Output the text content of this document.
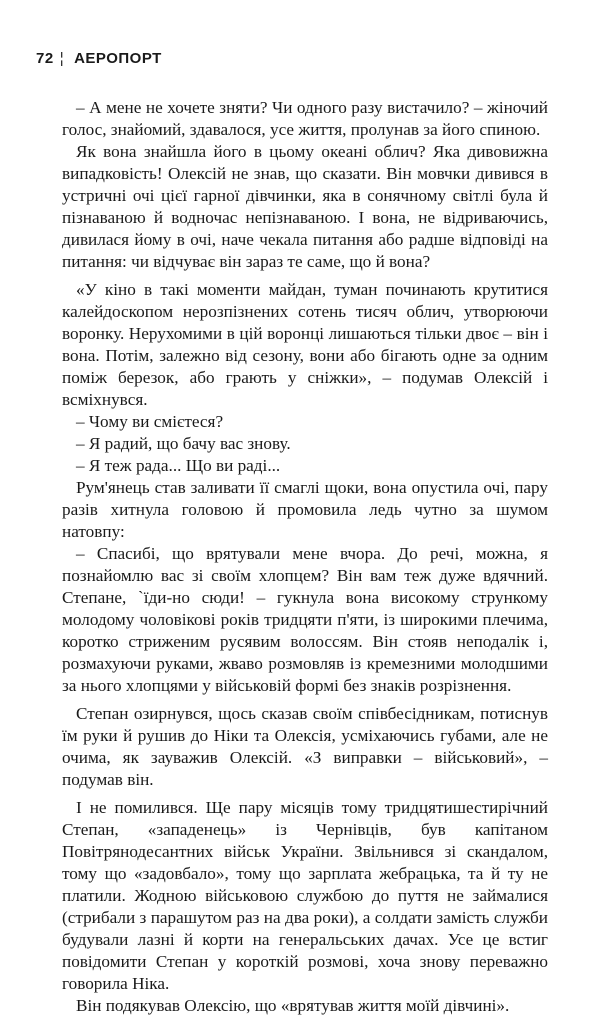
72 ¦ АЕРОПОРТ

– А мене не хочете зняти? Чи одного разу вистачило? – жіночий голос, знайомий, здавалося, усе життя, пролунав за його спиною.

Як вона знайшла його в цьому океані облич? Яка дивовижна випадковість! Олексій не знав, що сказати. Він мовчки дивився в устричні очі цієї гарної дівчинки, яка в сонячному світлі була й пізнаваною й водночас непізнаваною. І вона, не відриваючись, дивилася йому в очі, наче чекала питання або радше відповіді на питання: чи відчуває він зараз те саме, що й вона?

«У кіно в такі моменти майдан, туман починають крутитися калейдоскопом нерозпізнених сотень тисяч облич, утворюючи воронку. Нерухомими в цій воронці лишаються тільки двоє – він і вона. Потім, залежно від сезону, вони або бігають одне за одним поміж березок, або грають у сніжки», – подумав Олексій і всміхнувся.

– Чому ви смієтеся?

– Я радий, що бачу вас знову.

– Я теж рада... Що ви раді...

Рум'янець став заливати її смаглі щоки, вона опустила очі, пару разів хитнула головою й промовила ледь чутно за шумом натовпу:

– Спасибі, що врятували мене вчора. До речі, можна, я познайомлю вас зі своїм хлопцем? Він вам теж дуже вдячний. Степане, `їди-но сюди! – гукнула вона високому стрункому молодому чоловікові років тридцяти п'яти, із широкими плечима, коротко стриженим русявим волоссям. Він стояв неподалік і, розмахуючи руками, жваво розмовляв із кремезними молодшими за нього хлопцями у військовій формі без знаків розрізнення.

Степан озирнувся, щось сказав своїм співбесідникам, потиснув їм руки й рушив до Ніки та Олексія, усміхаючись губами, але не очима, як зауважив Олексій. «З виправки – військовий», – подумав він.

І не помилився. Ще пару місяців тому тридцятишестирічний Степан, «западенець» із Чернівців, був капітаном Повітрянодесантних військ України. Звільнився зі скандалом, тому що «задовбало», тому що зарплата жебрацька, та й ту не платили. Жодною військовою службою до пуття не займалися (стрибали з парашутом раз на два роки), а солдати замість служби будували лазні й корти на генеральських дачах. Усе це встиг повідомити Степан у короткій розмові, хоча знову переважно говорила Ніка.

Він подякував Олексію, що «врятував життя моїй дівчині».
